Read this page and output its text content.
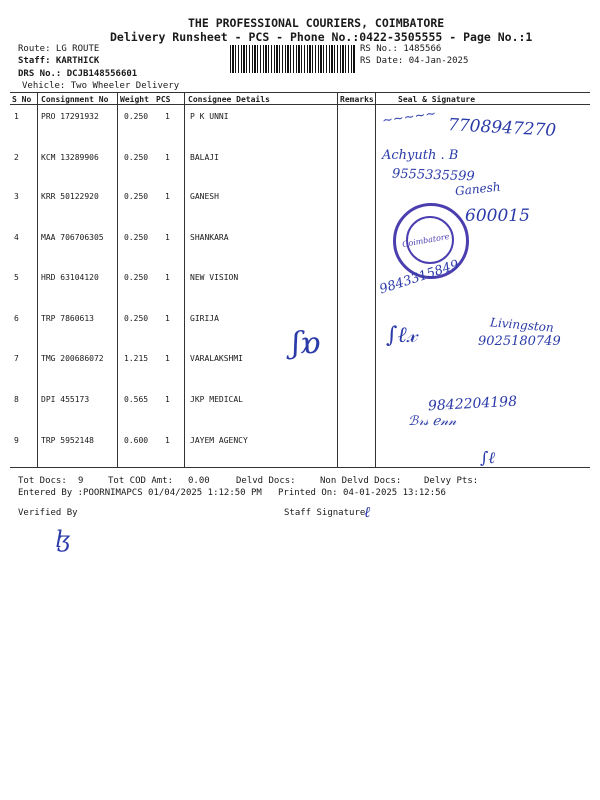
THE PROFESSIONAL COURIERS, COIMBATORE
Delivery Runsheet - PCS - Phone No.:0422-3505555 - Page No.:1
Route: LG ROUTE
Staff: KARTHICK
DRS No.: DCJB148556601
Vehicle: Two Wheeler Delivery
RS No.: 1485566
RS Date: 04-Jan-2025
S No Consignment No Weight PCS Consignee Details	Remarks	Seal & Signature
1	PRO 17291932	0.250 1	P K UNNI
2	KCM 13289906	0.250 1	BALAJI
3	KRR 50122920	0.250 1	GANESH
4	MAA 706706305	0.250 1	SHANKARA
5	HRD 63104120	0.250 1	NEW VISION
6	TRP 7860613	0.250 1	GIRIJA
7	TMG 200686072	1.215 1	VARALAKSHMI
8	DPI 455173	0.565 1	JKP MEDICAL
9	TRP 5952148	0.600 1	JAYEM AGENCY
~~~~~ 7708947270
Achyuth . B
9555335599
Ganesh
Coimbatore
600015
9843315849
∫ℓ𝓍	Livingston
9025180749
ʃɒ
9842204198
ℬ𝓇𝓈 ℯ𝓃𝓃
∫ℓ
Tot Docs: 9	Tot COD Amt: 0.00	Delvd Docs:	Non Delvd Docs:	Delvy Pts:
Entered By :POORNIMAPCS 01/04/2025 1:12:50 PM Printed On: 04-01-2025 13:12:56
Verified By	Staff Signature
ℓ
ɮ
